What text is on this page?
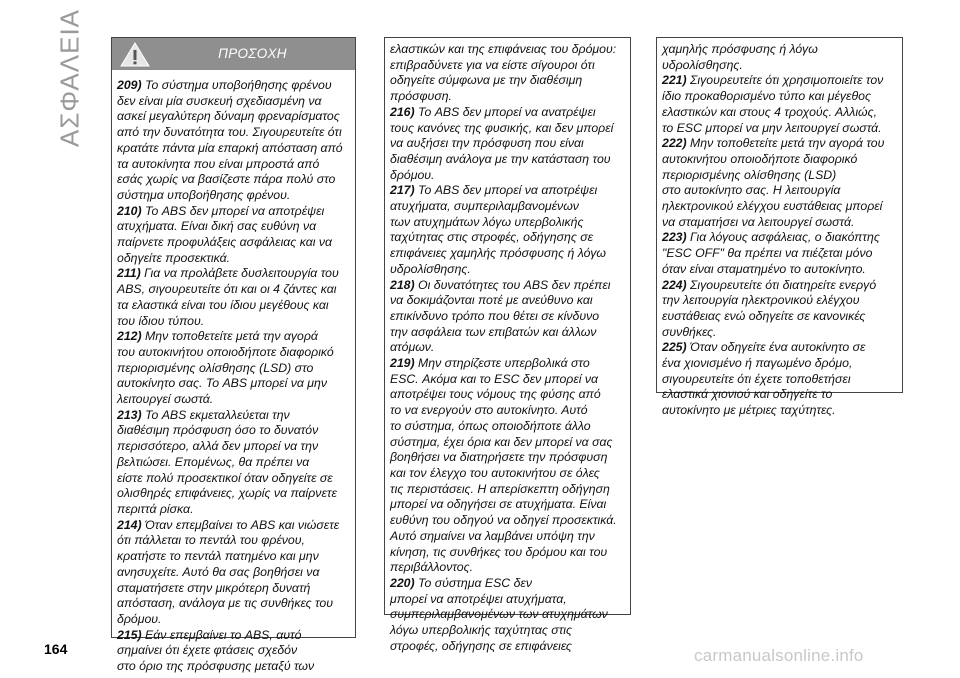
ΑΣΦΑΛΕΙΑ	ΠΡΟΣΟΧΗ
209) Το σύστημα υποβοήθησης φρένου
δεν είναι μία συσκευή σχεδιασμένη να
ασκεί μεγαλύτερη δύναμη φρεναρίσματος
από την δυνατότητα του. Σιγουρευτείτε ότι
κρατάτε πάντα μία επαρκή απόσταση από
τα αυτοκίνητα που είναι μπροστά από
εσάς χωρίς να βασίζεστε πάρα πολύ στο
σύστημα υποβοήθησης φρένου.
210) Το ABS δεν μπορεί να αποτρέψει
ατυχήματα. Είναι δική σας ευθύνη να
παίρνετε προφυλάξεις ασφάλειας και να
οδηγείτε προσεκτικά.
211) Για να προλάβετε δυσλειτουργία του
ABS, σιγουρευτείτε ότι και οι 4 ζάντες και
τα ελαστικά είναι του ίδιου μεγέθους και
του ίδιου τύπου.
212) Μην τοποθετείτε μετά την αγορά
του αυτοκινήτου οποιοδήποτε διαφορικό
περιορισμένης ολίσθησης (LSD) στο
αυτοκίνητο σας. Το ABS μπορεί να μην
λειτουργεί σωστά.
213) Το ABS εκμεταλλεύεται την
διαθέσιμη πρόσφυση όσο το δυνατόν
περισσότερο, αλλά δεν μπορεί να την
βελτιώσει. Επομένως, θα πρέπει να
είστε πολύ προσεκτικοί όταν οδηγείτε σε
ολισθηρές επιφάνειες, χωρίς να παίρνετε
περιττά ρίσκα.
214) Όταν επεμβαίνει το ABS και νιώσετε
ότι πάλλεται το πεντάλ του φρένου,
κρατήστε το πεντάλ πατημένο και μην
ανησυχείτε. Αυτό θα σας βοηθήσει να
σταματήσετε στην μικρότερη δυνατή
απόσταση, ανάλογα με τις συνθήκες του
δρόμου.
215) Εάν επεμβαίνει το ABS, αυτό
σημαίνει ότι έχετε φτάσεις σχεδόν
στο όριο της πρόσφυσης μεταξύ των
ελαστικών και της επιφάνειας του δρόμου:
επιβραδύνετε για να είστε σίγουροι ότι
οδηγείτε σύμφωνα με την διαθέσιμη
πρόσφυση.
216) Το ABS δεν μπορεί να ανατρέψει
τους κανόνες της φυσικής, και δεν μπορεί
να αυξήσει την πρόσφυση που είναι
διαθέσιμη ανάλογα με την κατάσταση του
δρόμου.
217) Το ABS δεν μπορεί να αποτρέψει
ατυχήματα, συμπεριλαμβανομένων
των ατυχημάτων λόγω υπερβολικής
ταχύτητας στις στροφές, οδήγησης σε
επιφάνειες χαμηλής πρόσφυσης ή λόγω
υδρολίσθησης.
218) Οι δυνατότητες του ABS δεν πρέπει
να δοκιμάζονται ποτέ με ανεύθυνο και
επικίνδυνο τρόπο που θέτει σε κίνδυνο
την ασφάλεια των επιβατών και άλλων
ατόμων.
219) Μην στηρίζεστε υπερβολικά στο
ESC. Ακόμα και το ESC δεν μπορεί να
αποτρέψει τους νόμους της φύσης από
το να ενεργούν στο αυτοκίνητο. Αυτό
το σύστημα, όπως οποιοδήποτε άλλο
σύστημα, έχει όρια και δεν μπορεί να σας
βοηθήσει να διατηρήσετε την πρόσφυση
και τον έλεγχο του αυτοκινήτου σε όλες
τις περιστάσεις. Η απερίσκεπτη οδήγηση
μπορεί να οδηγήσει σε ατυχήματα. Είναι
ευθύνη του οδηγού να οδηγεί προσεκτικά.
Αυτό σημαίνει να λαμβάνει υπόψη την
κίνηση, τις συνθήκες του δρόμου και του
περιβάλλοντος.
220) Το σύστημα ESC δεν
μπορεί να αποτρέψει ατυχήματα,
συμπεριλαμβανομένων των ατυχημάτων
λόγω υπερβολικής ταχύτητας στις
στροφές, οδήγησης σε επιφάνειες
χαμηλής πρόσφυσης ή λόγω
υδρολίσθησης.
221) Σιγουρευτείτε ότι χρησιμοποιείτε τον
ίδιο προκαθορισμένο τύπο και μέγεθος
ελαστικών και στους 4 τροχούς. Αλλιώς,
το ESC μπορεί να μην λειτουργεί σωστά.
222) Μην τοποθετείτε μετά την αγορά του
αυτοκινήτου οποιοδήποτε διαφορικό
περιορισμένης ολίσθησης (LSD)
στο αυτοκίνητο σας. Η λειτουργία
ηλεκτρονικού ελέγχου ευστάθειας μπορεί
να σταματήσει να λειτουργεί σωστά.
223) Για λόγους ασφάλειας, ο διακόπτης
"ESC OFF" θα πρέπει να πιέζεται μόνο
όταν είναι σταματημένο το αυτοκίνητο.
224) Σιγουρευτείτε ότι διατηρείτε ενεργό
την λειτουργία ηλεκτρονικού ελέγχου
ευστάθειας ενώ οδηγείτε σε κανονικές
συνθήκες.
225) Όταν οδηγείτε ένα αυτοκίνητο σε
ένα χιονισμένο ή παγωμένο δρόμο,
σιγουρευτείτε ότι έχετε τοποθετήσει
ελαστικά χιονιού και οδηγείτε το
αυτοκίνητο με μέτριες ταχύτητες.
164	carmanualsonline.info
